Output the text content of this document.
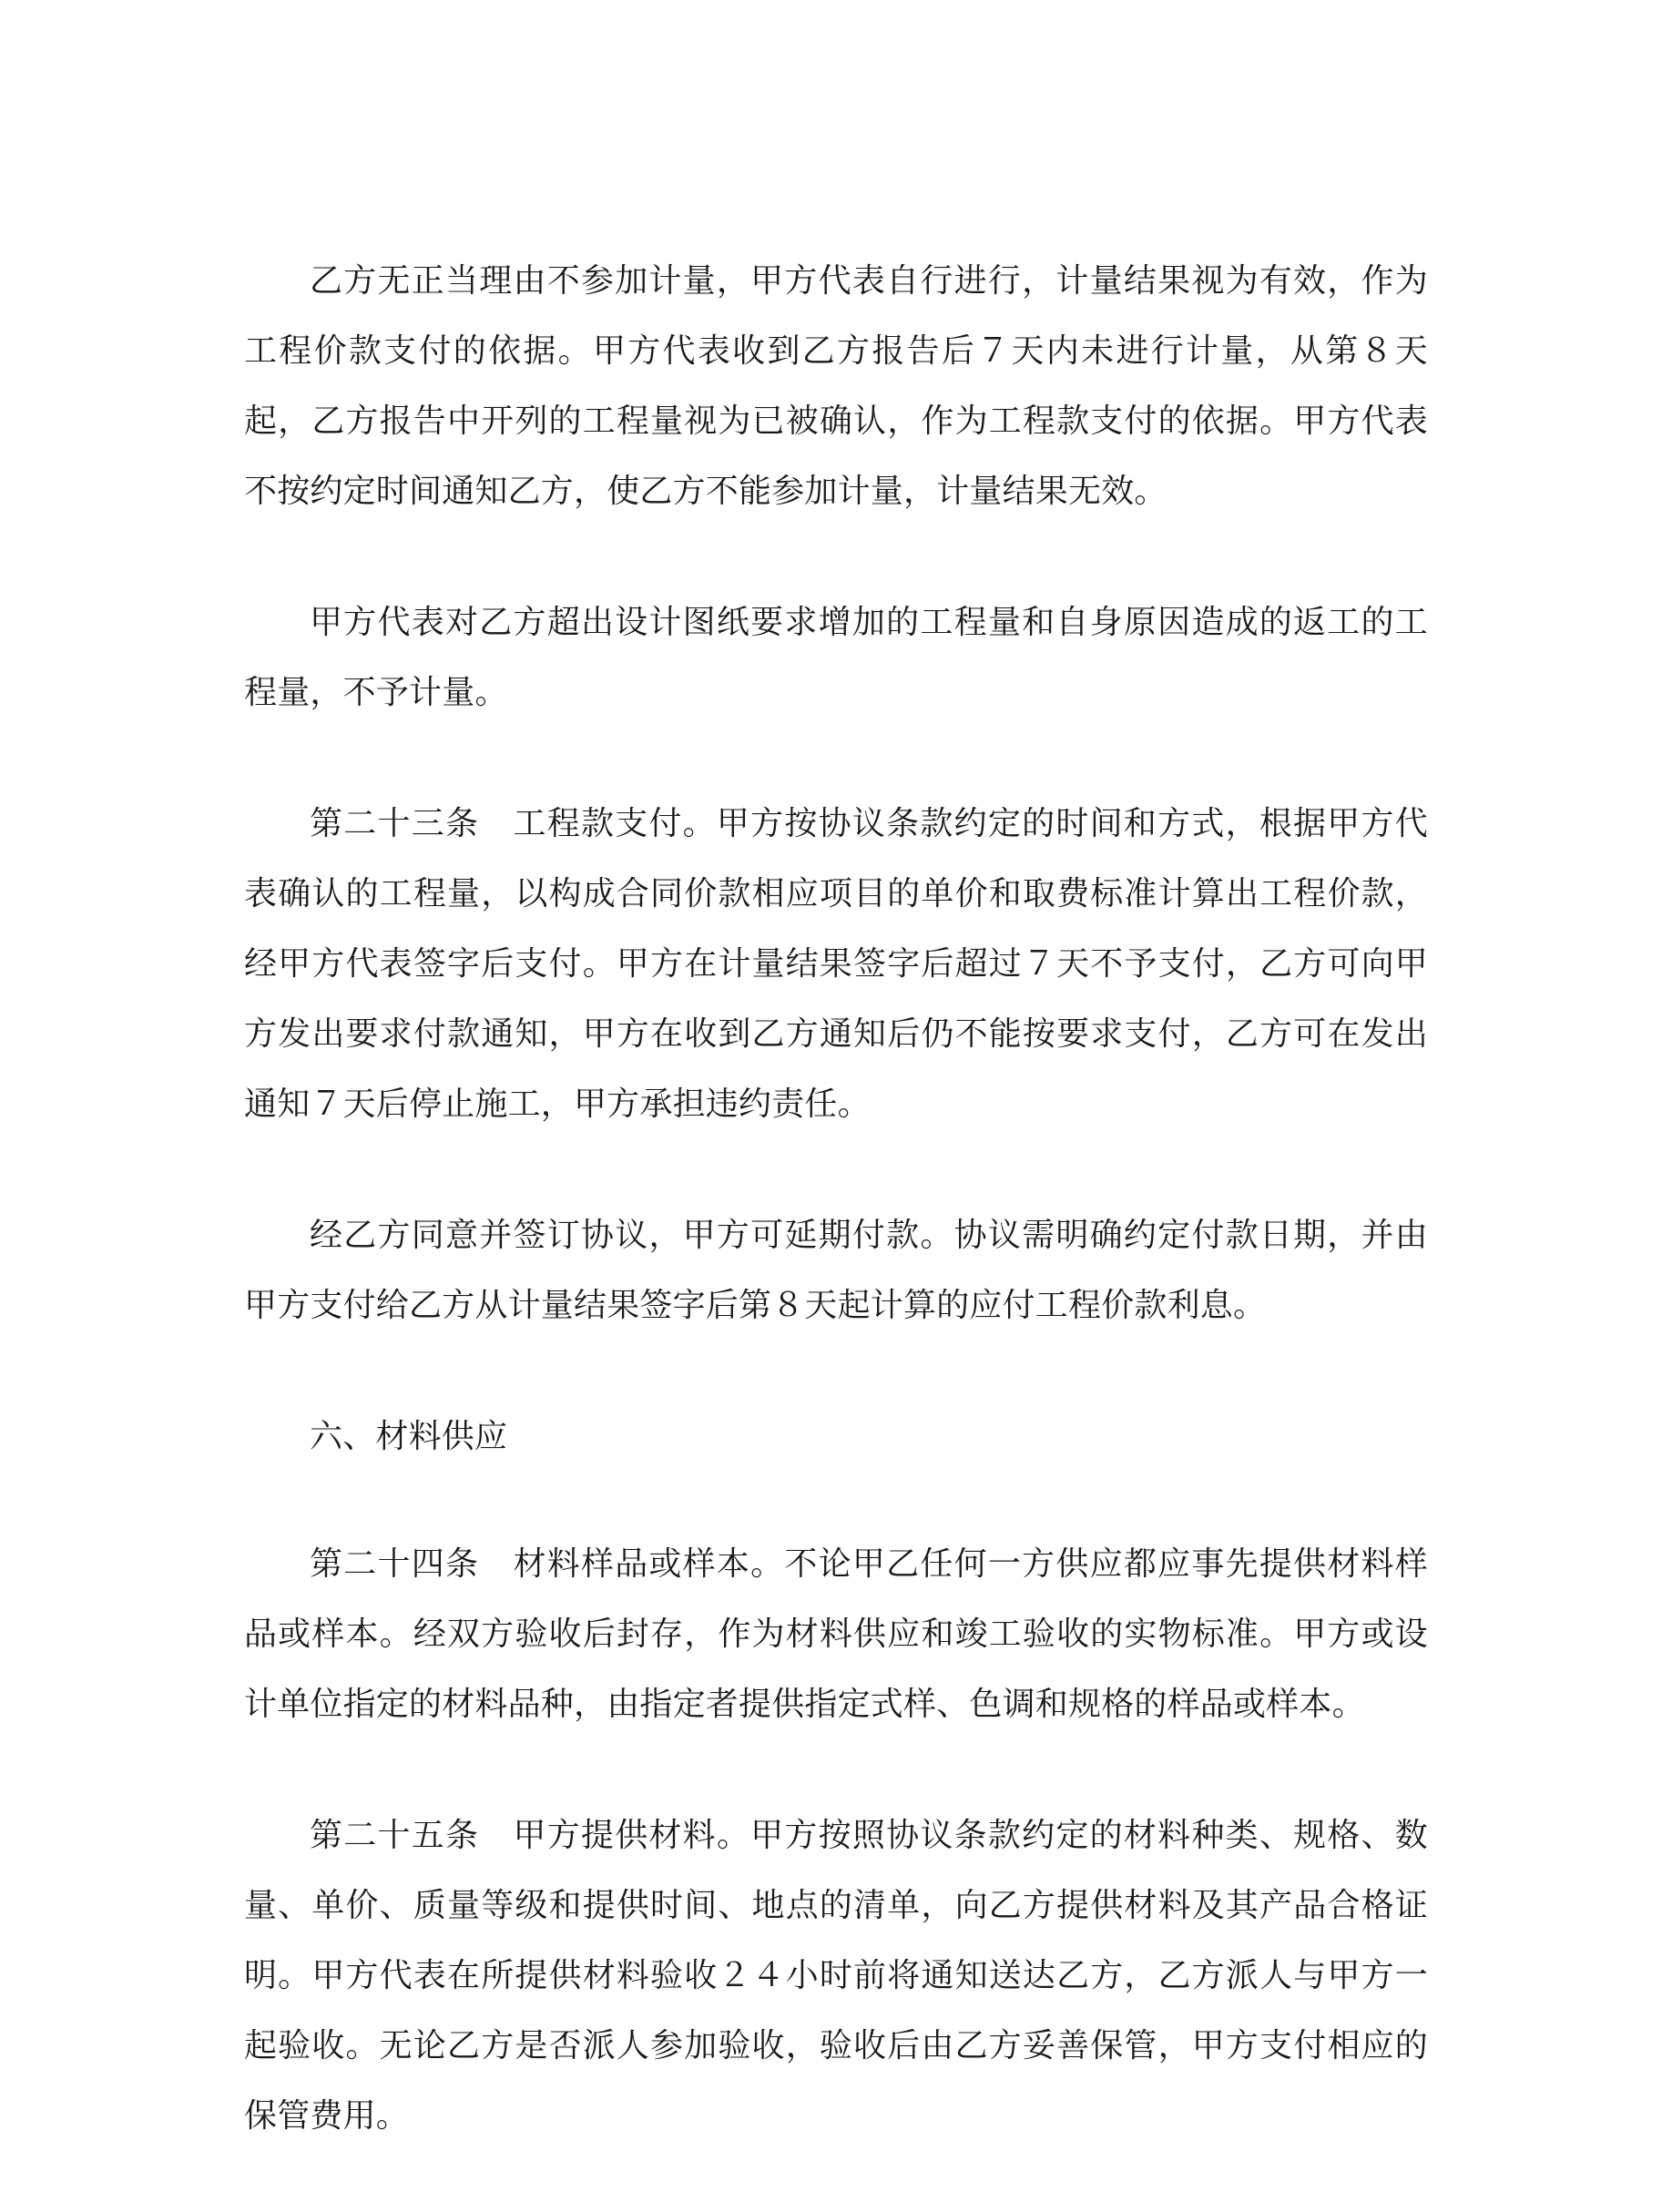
乙方无正当理由不参加计量，甲方代表自行进行，计量结果视为有效，作为工程价款支付的依据。甲方代表收到乙方报告后７天内未进行计量，从第８天起，乙方报告中开列的工程量视为已被确认，作为工程款支付的依据。甲方代表不按约定时间通知乙方，使乙方不能参加计量，计量结果无效。

甲方代表对乙方超出设计图纸要求增加的工程量和自身原因造成的返工的工程量，不予计量。

第二十三条　工程款支付。甲方按协议条款约定的时间和方式，根据甲方代表确认的工程量，以构成合同价款相应项目的单价和取费标准计算出工程价款，经甲方代表签字后支付。甲方在计量结果签字后超过７天不予支付，乙方可向甲方发出要求付款通知，甲方在收到乙方通知后仍不能按要求支付，乙方可在发出通知７天后停止施工，甲方承担违约责任。

经乙方同意并签订协议，甲方可延期付款。协议需明确约定付款日期，并由甲方支付给乙方从计量结果签字后第８天起计算的应付工程价款利息。

六、材料供应

第二十四条　材料样品或样本。不论甲乙任何一方供应都应事先提供材料样品或样本。经双方验收后封存，作为材料供应和竣工验收的实物标准。甲方或设计单位指定的材料品种，由指定者提供指定式样、色调和规格的样品或样本。

第二十五条　甲方提供材料。甲方按照协议条款约定的材料种类、规格、数量、单价、质量等级和提供时间、地点的清单，向乙方提供材料及其产品合格证明。甲方代表在所提供材料验收２４小时前将通知送达乙方，乙方派人与甲方一起验收。无论乙方是否派人参加验收，验收后由乙方妥善保管，甲方支付相应的保管费用。
